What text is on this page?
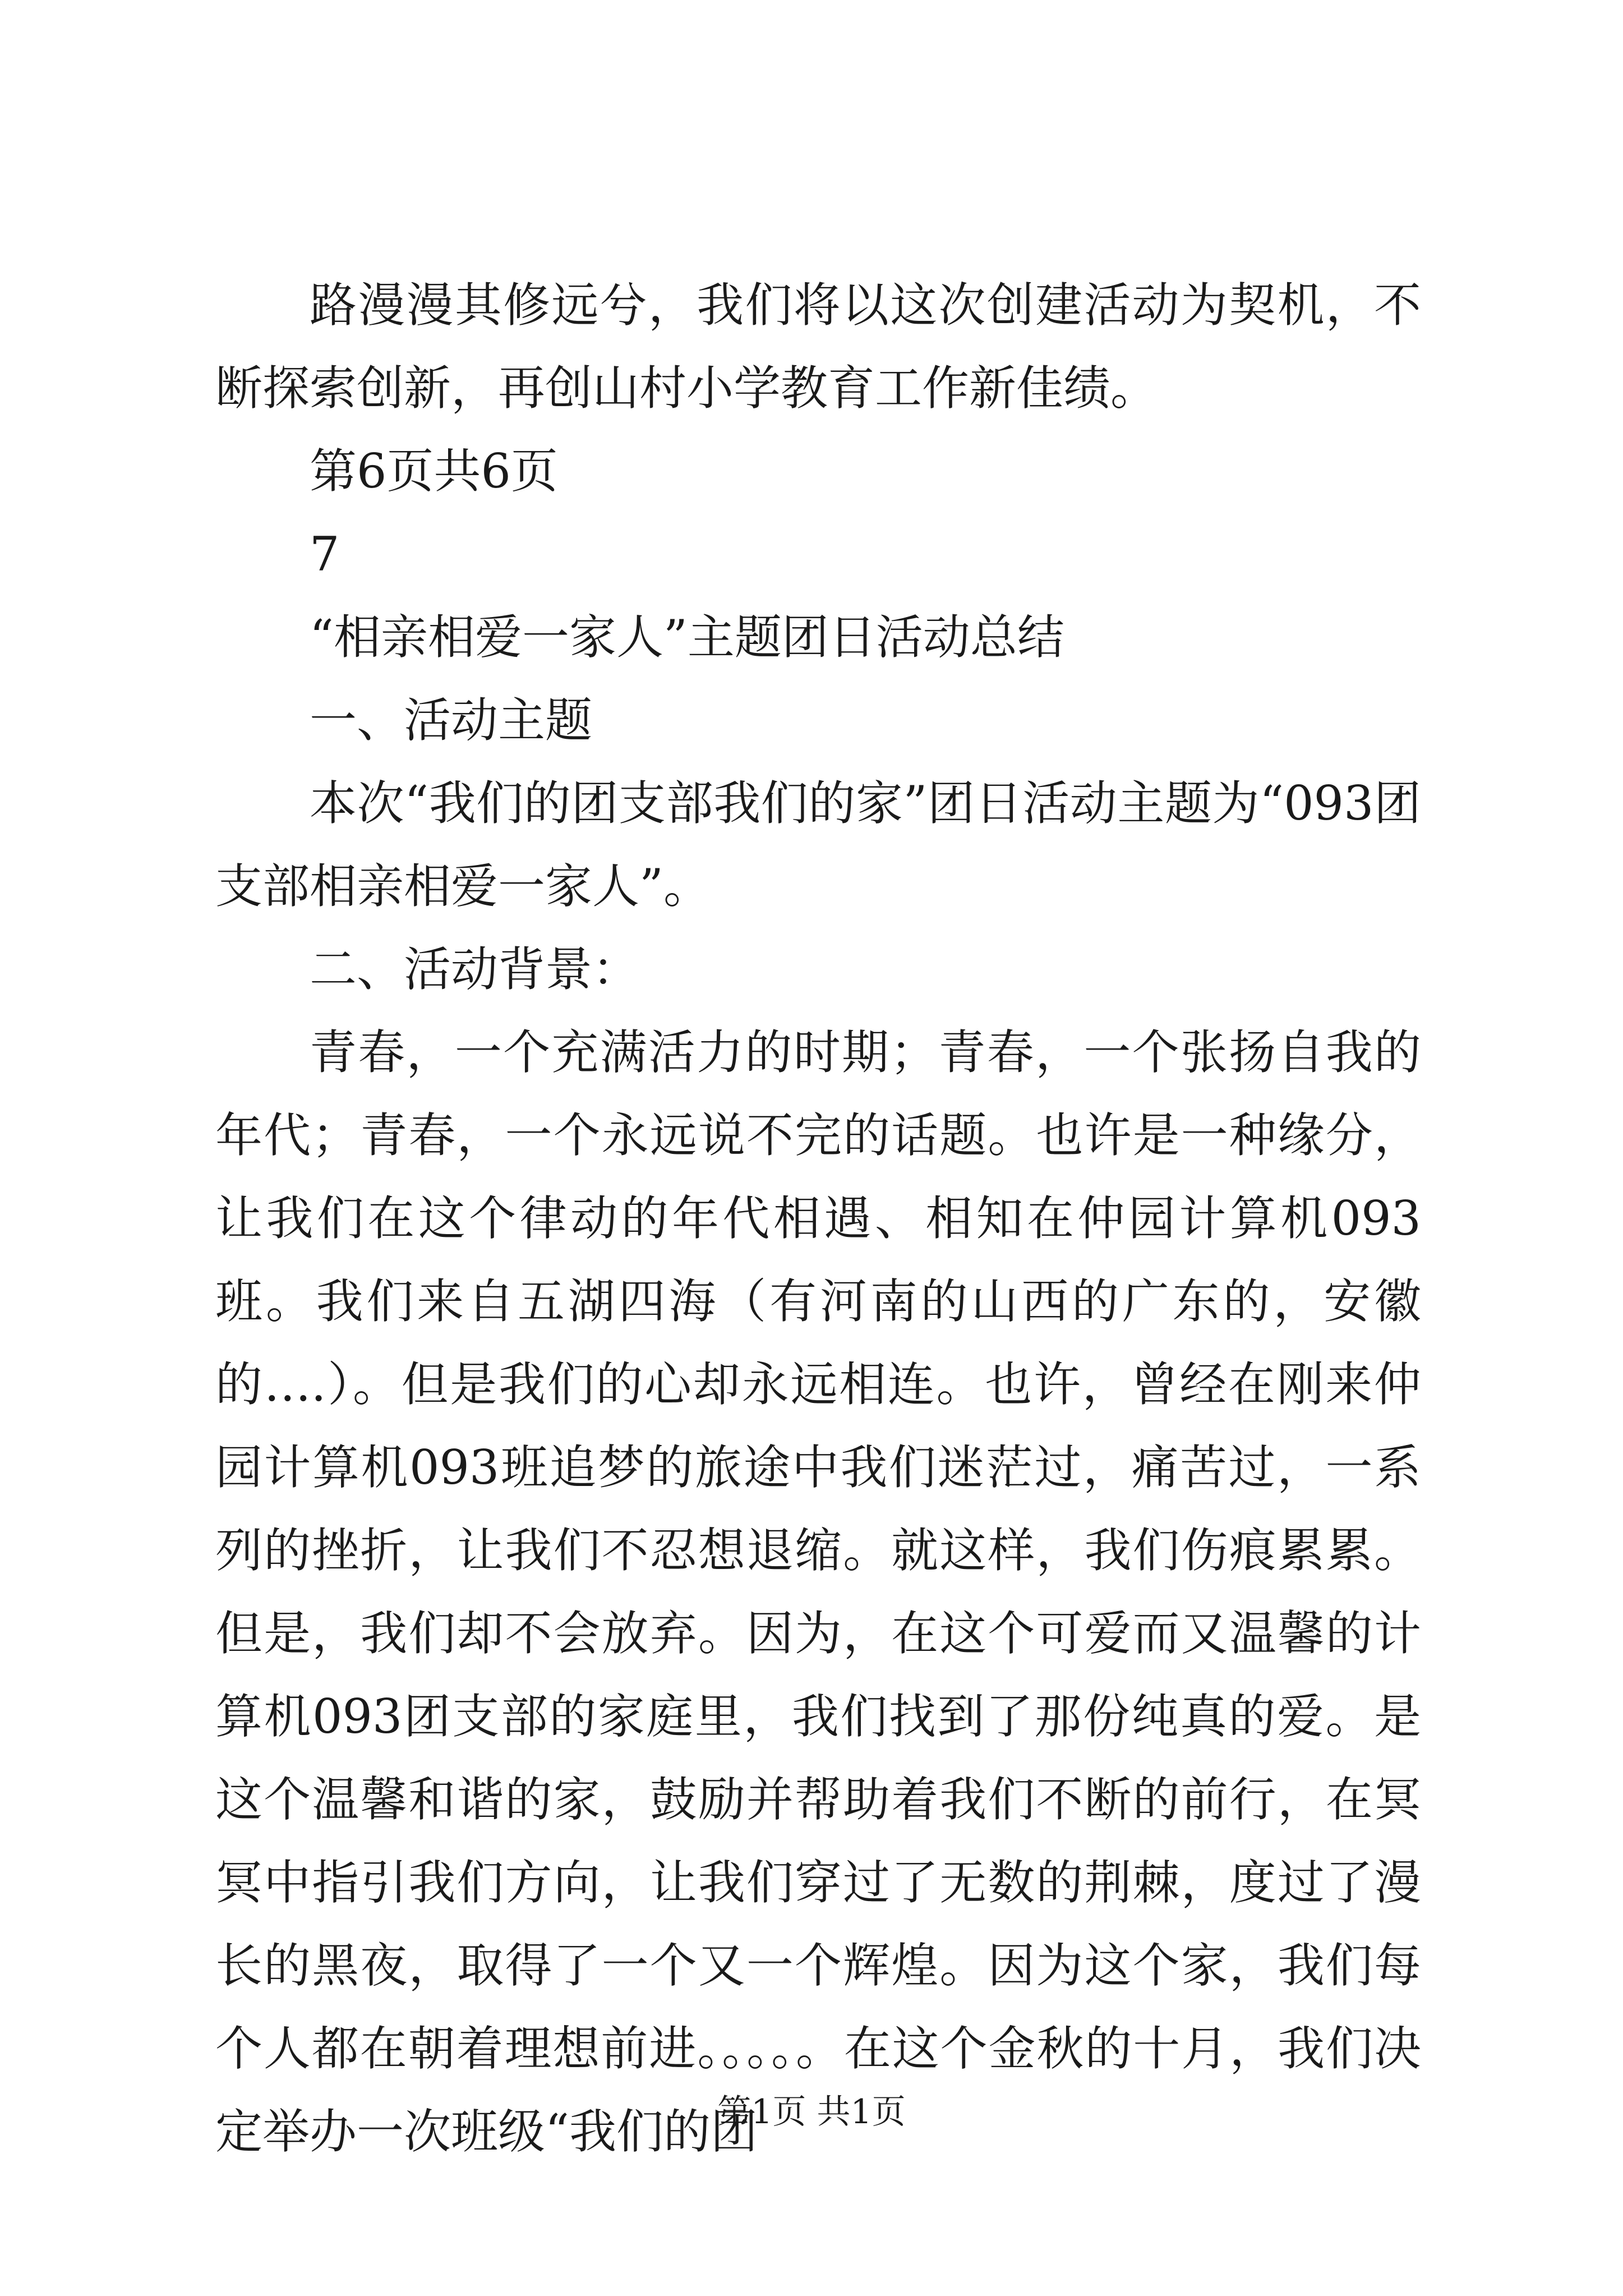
路漫漫其修远兮，我们将以这次创建活动为契机，不断探索创新，再创山村小学教育工作新佳绩。

第6页共6页

7

“相亲相爱一家人”主题团日活动总结

一、活动主题

本次“我们的团支部我们的家”团日活动主题为“093团支部相亲相爱一家人”。

二、活动背景：

青春，一个充满活力的时期；青春，一个张扬自我的年代；青春，一个永远说不完的话题。也许是一种缘分，让我们在这个律动的年代相遇、相知在仲园计算机093班。我们来自五湖四海（有河南的山西的广东的，安徽的….）。但是我们的心却永远相连。也许，曾经在刚来仲园计算机093班追梦的旅途中我们迷茫过，痛苦过，一系列的挫折，让我们不忍想退缩。就这样，我们伤痕累累。但是，我们却不会放弃。因为，在这个可爱而又温馨的计算机093团支部的家庭里，我们找到了那份纯真的爱。是这个温馨和谐的家，鼓励并帮助着我们不断的前行，在冥冥中指引我们方向，让我们穿过了无数的荆棘，度过了漫长的黑夜，取得了一个又一个辉煌。因为这个家，我们每个人都在朝着理想前进。。。。。在这个金秋的十月，我们决定举办一次班级“我们的团

第1页 共1页
